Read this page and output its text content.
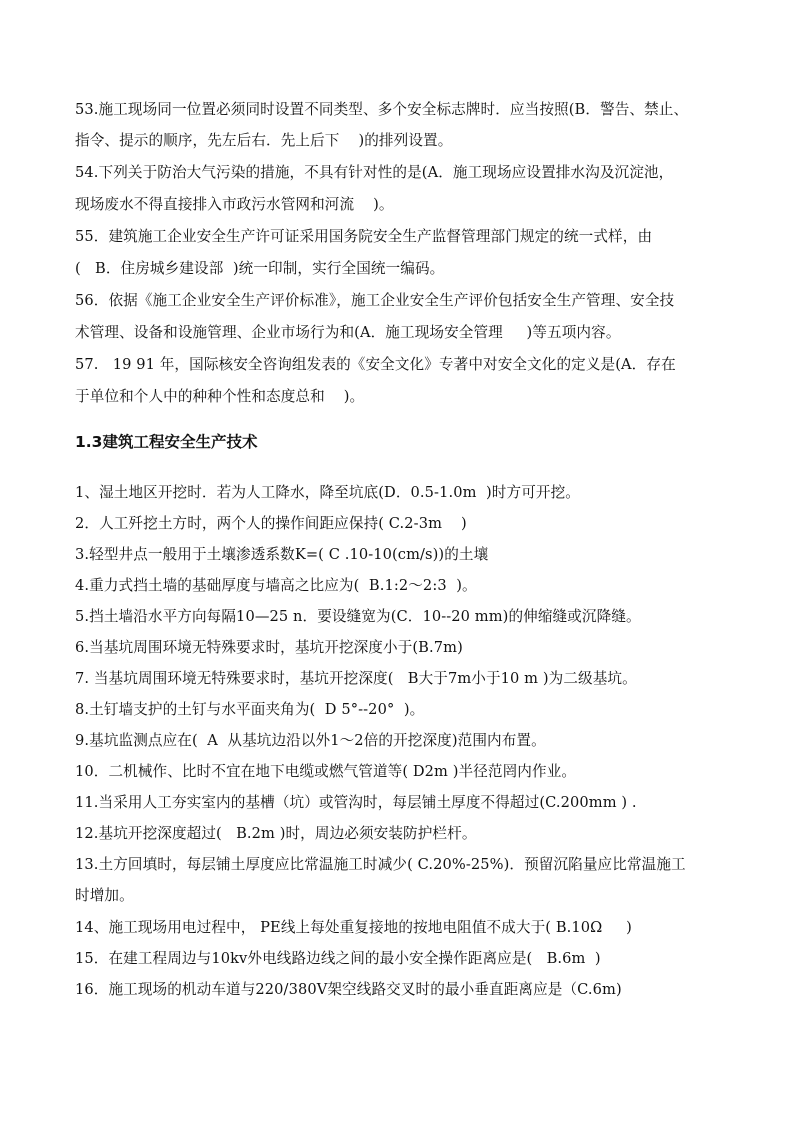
53.施工现场同一位置必须同时设置不同类型、多个安全标志牌时．应当按照(B．警告、禁止、
指令、提示的顺序，先左后右．先上后下    )的排列设置。
54.下列关于防治大气污染的措施，不具有针对性的是(A．施工现场应设置排水沟及沉淀池，
现场废水不得直接排入市政污水管网和河流    )。
55．建筑施工企业安全生产许可证采用国务院安全生产监督管理部门规定的统一式样，由
(   B．住房城乡建设部  )统一印制，实行全国统一编码。
56．依据《施工企业安全生产评价标准》，施工企业安全生产评价包括安全生产管理、安全技
术管理、设备和设施管理、企业市场行为和(A．施工现场安全管理     )等五项内容。
57.   19 91 年，国际核安全咨询组发表的《安全文化》专著中对安全文化的定义是(A．存在
于单位和个人中的种种个性和态度总和    )。
1.3建筑工程安全生产技术
1、湿土地区开挖时．若为人工降水，降至坑底(D．0.5-1.0m  )时方可开挖。
2．人工歼挖土方时，两个人的操作间距应保持( C.2-3m    )
3.轻型井点一般用于土壤渗透系数K=( C .10-10(cm/s))的土壤
4.重力式挡土墙的基础厚度与墙高之比应为(  B.1:2～2:3  )。
5.挡土墙沿水平方向每隔10—25 n．要设缝宽为(C．10--20 mm)的伸缩缝或沉降缝。
6.当基坑周围环境无特殊要求时，基坑开挖深度小于(B.7m)
7. 当基坑周围环境无特殊要求时，基坑开挖深度(   B大于7m小于10 m )为二级基坑。
8.土钉墙支护的土钉与水平面夹角为(  D 5°--20°  )。
9.基坑监测点应在(  A  从基坑边沿以外1～2倍的开挖深度)范围内布置。
10．二机械作、比时不宜在地下电缆或燃气管道等( D2m )半径范罔内作业。
11.当采用人工夯实室内的基槽（坑）或管沟时，每层铺土厚度不得超过(C.200mm ) .
12.基坑开挖深度超过(   B.2m )时，周边必须安装防护栏杆。
13.土方回填时，每层铺土厚度应比常温施工时减少( C.20%-25%)．预留沉陷量应比常温施工
时增加。
14、施工现场用电过程中， PE线上每处重复接地的按地电阻值不成大于( B.10Ω     )
15．在建工程周边与10kv外电线路边线之间的最小安全操作距离应是(   B.6m  )
16．施工现场的机动车道与220/380V架空线路交叉时的最小垂直距离应是（C.6m)
